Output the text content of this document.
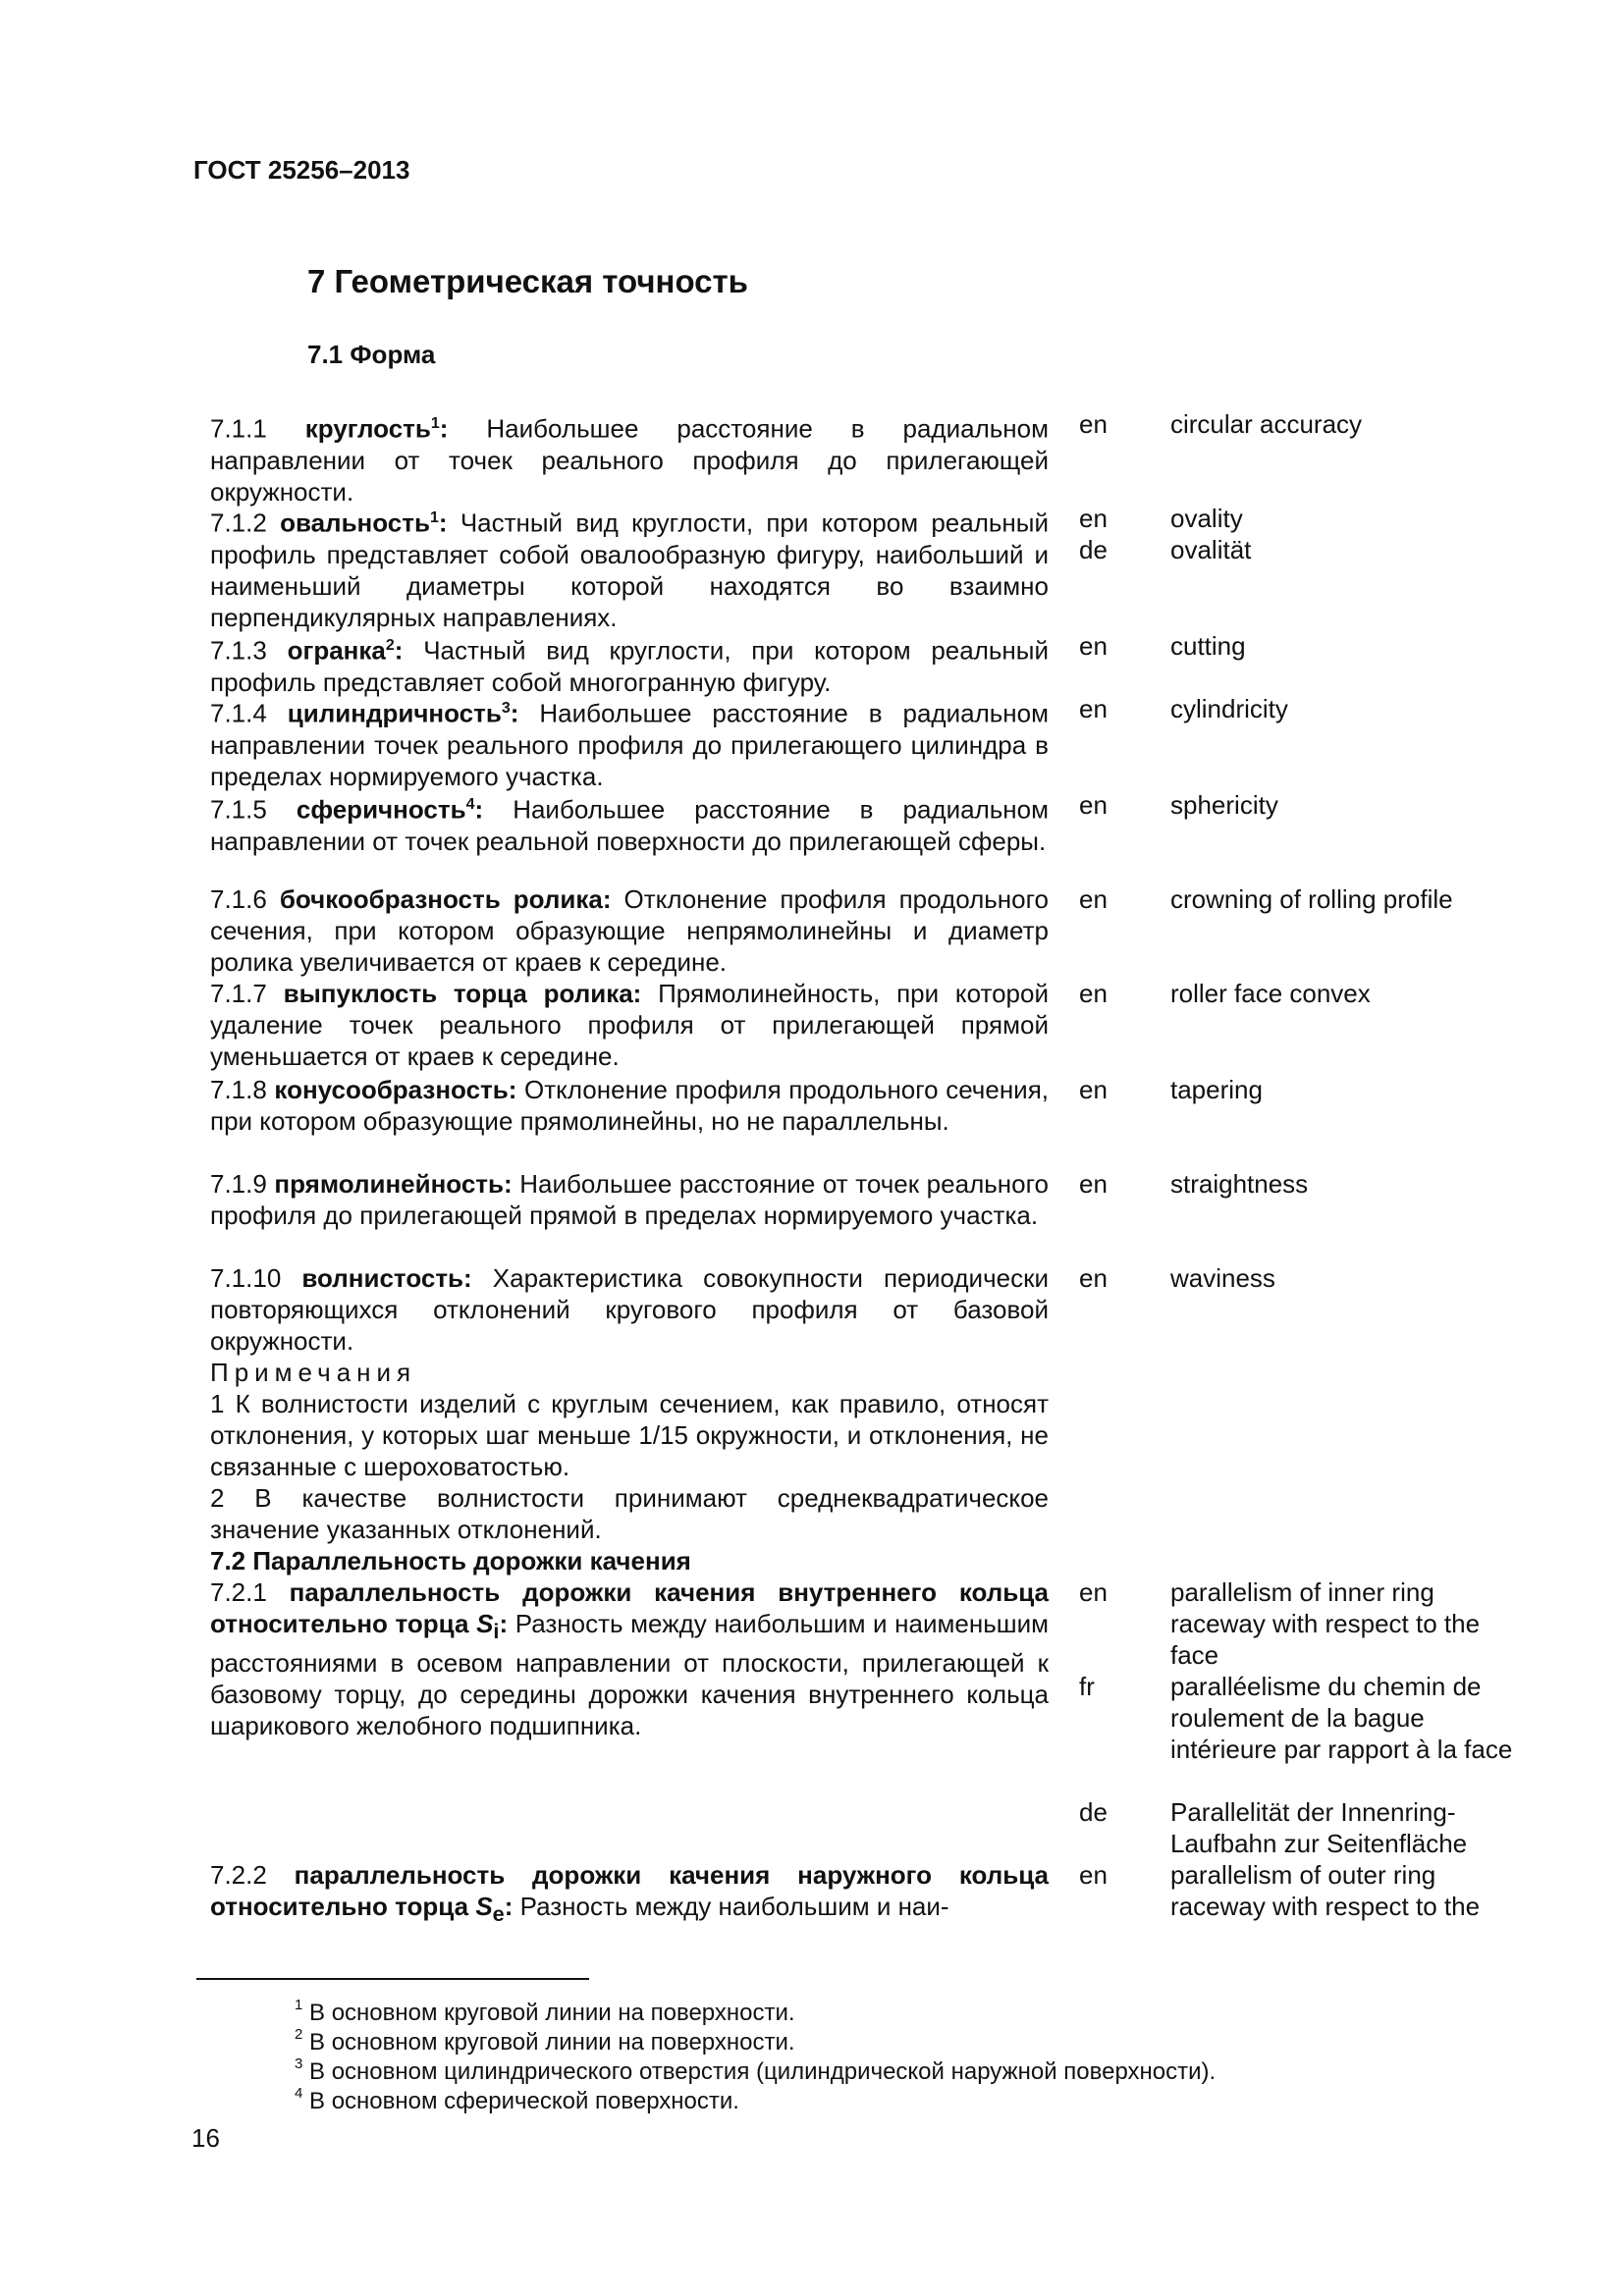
ГОСТ 25256–2013
7 Геометрическая точность
7.1 Форма

7.1.1 круглость$^1$: Наибольшее расстояние в радиальном направлении от точек реального профиля до прилегающей окружности.

en circular accuracy

7.1.2 овальность$^1$: Частный вид круглости, при котором реальный профиль представляет собой овалообразную фигуру, наибольший и наименьший диаметры которой находятся во взаимно перпендикулярных направлениях.

en ovality
de ovalität

7.1.3 огранка$^2$: Частный вид круглости, при котором реальный профиль представляет собой многогранную фигуру.

en cutting

7.1.4 цилиндричность$^3$: Наибольшее расстояние в радиальном направлении точек реального профиля до прилегающего цилиндра в пределах нормируемого участка.

en cylindricity

7.1.5 сферичность$^4$: Наибольшее расстояние в радиальном направлении от точек реальной поверхности до прилегающей сферы.

en sphericity

7.1.6 бочкообразность ролика: Отклонение профиля продольного сечения, при котором образующие непрямолинейны и диаметр ролика увеличивается от краев к середине.

en crowning of rolling profile

7.1.7 выпуклость торца ролика: Прямолинейность, при которой удаление точек реального профиля от прилегающей прямой уменьшается от краев к середине.

en roller face convex

7.1.8 конусообразность: Отклонение профиля продольного сечения, при котором образующие прямолинейны, но не параллельны.

en tapering

7.1.9 прямолинейность: Наибольшее расстояние от точек реального профиля до прилегающей прямой в пределах нормируемого участка.

en straightness

7.1.10 волнистость: Характеристика совокупности периодически повторяющихся отклонений кругового профиля от базовой окружности.

en waviness

Примечания

1 К волнистости изделий с круглым сечением, как правило, относят отклонения, у которых шаг меньше 1/15 окружности, и отклонения, не связанные с шероховатостью.

2 В качестве волнистости принимают среднеквадратическое значение указанных отклонений.

7.2 Параллельность дорожки качения

7.2.1 параллельность дорожки качения внутреннего кольца относительно торца $S_i$: Разность между наибольшим и наименьшим расстояниями в осевом направлении от плоскости, прилегающей к базовому торцу, до середины дорожки качения внутреннего кольца шарикового желобного подшипника.

en parallelism of inner ring raceway with respect to the face
fr	paralléelisme du chemin de roulement de la bague intérieure par rapport à la face
de Parallelität der Innenring-Laufbahn zur Seitenfläche

7.2.2 параллельность дорожки качения наружного кольца относительно торца $S_e$: Разность между наибольшим и наи-

en parallelism of outer ring raceway with respect to the
$^1$ В основном круговой линии на поверхности.
$^2$ В основном круговой линии на поверхности.
$^3$ В основном цилиндрического отверстия (цилиндрической наружной поверхности).
$^4$ В основном сферической поверхности.
16
